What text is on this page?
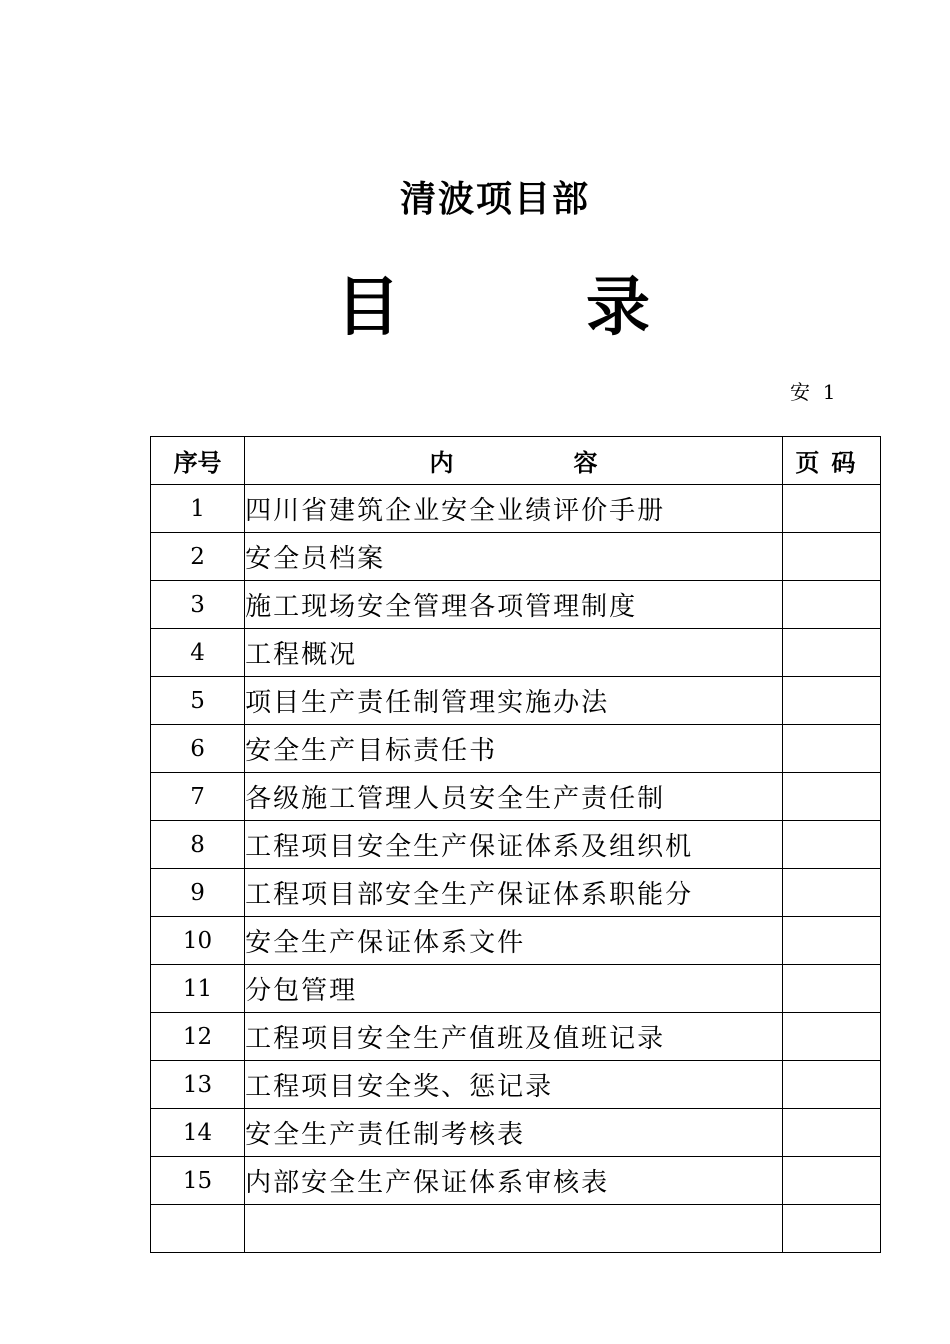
清波项目部
目	录
安  1
序号	内 容	页码
1	四川省建筑企业安全业绩评价手册	
2	安全员档案	
3	施工现场安全管理各项管理制度	
4	工程概况	
5	项目生产责任制管理实施办法	
6	安全生产目标责任书	
7	各级施工管理人员安全生产责任制	
8	工程项目安全生产保证体系及组织机	
9	工程项目部安全生产保证体系职能分	
10	安全生产保证体系文件	
11	分包管理	
12	工程项目安全生产值班及值班记录	
13	工程项目安全奖、惩记录	
14	安全生产责任制考核表	
15	内部安全生产保证体系审核表	
